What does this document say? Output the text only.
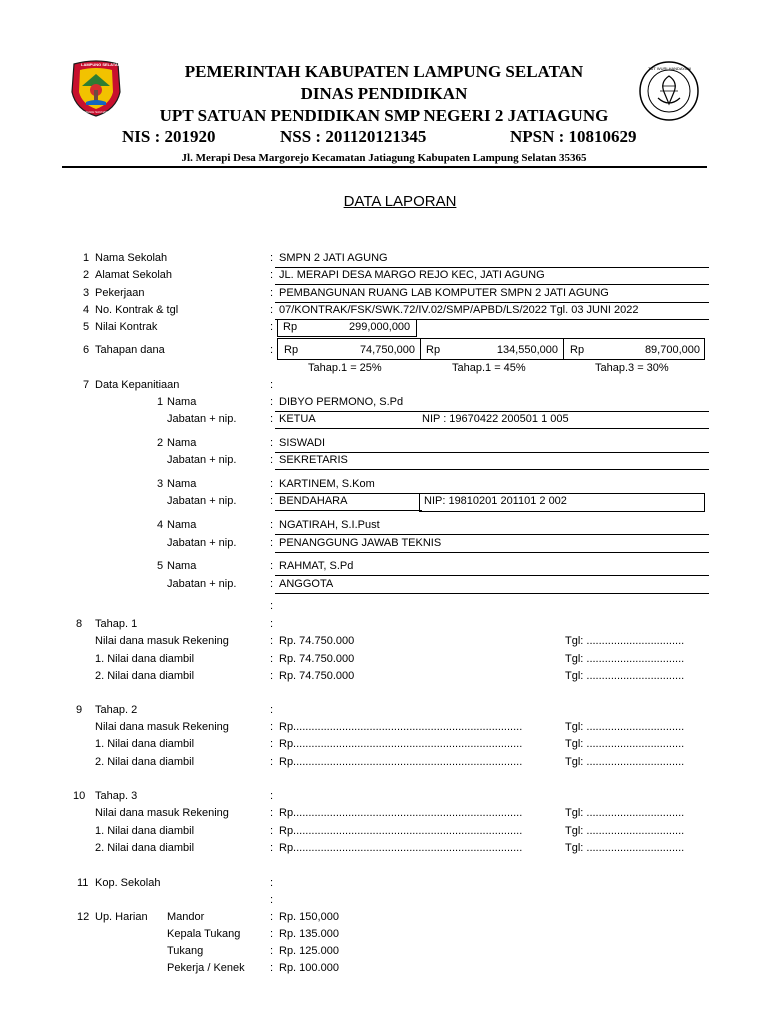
LAMPUNG SELATAN
MANGGIH SAUNAYAH
TUT WURI HANDAYANI
PEMERINTAH KABUPATEN LAMPUNG SELATAN
DINAS PENDIDIKAN
UPT SATUAN PENDIDIKAN SMP NEGERI 2 JATIAGUNG
NIS : 201920	NSS : 201120121345	NPSN : 10810629
Jl. Merapi Desa Margorejo Kecamatan Jatiagung Kabupaten Lampung Selatan 35365
DATA LAPORAN
1 Nama Sekolah	: SMPN 2 JATI AGUNG
2 Alamat Sekolah	: JL. MERAPI DESA MARGO REJO KEC, JATI AGUNG
3 Pekerjaan	: PEMBANGUNAN RUANG LAB KOMPUTER SMPN 2 JATI AGUNG
4 No. Kontrak & tgl	: 07/KONTRAK/FSK/SWK.72/IV.02/SMP/APBD/LS/2022 Tgl. 03 JUNI 2022
5 Nilai Kontrak	: Rp	299,000,000
6 Tahapan dana	: Rp	74,750,000 Rp	134,550,000 Rp	89,700,000
Tahap.1 = 25%	Tahap.1 = 45%	Tahap.3 = 30%
7 Data Kepanitiaan	:
1 Nama	: DIBYO PERMONO, S.Pd
Jabatan + nip.	: KETUA	NIP : 19670422 200501 1 005
2 Nama	: SISWADI
Jabatan + nip.	: SEKRETARIS
3 Nama	: KARTINEM, S.Kom
Jabatan + nip.	: BENDAHARA	NIP: 19810201 201101 2 002
4 Nama	: NGATIRAH, S.I.Pust
Jabatan + nip.	: PENANGGUNG JAWAB TEKNIS
5 Nama	: RAHMAT, S.Pd
Jabatan + nip.	: ANGGOTA
:
8 Tahap. 1	:
Nilai dana masuk Rekening	: Rp. 74.750.000	Tgl: ................................
1. Nilai dana diambil	: Rp. 74.750.000	Tgl: ................................
2. Nilai dana diambil	: Rp. 74.750.000	Tgl: ................................
9 Tahap. 2	:
Nilai dana masuk Rekening	: Rp...........................................................................	Tgl: ................................
1. Nilai dana diambil	: Rp...........................................................................	Tgl: ................................
2. Nilai dana diambil	: Rp...........................................................................	Tgl: ................................
10 Tahap. 3	:
Nilai dana masuk Rekening	: Rp...........................................................................	Tgl: ................................
1. Nilai dana diambil	: Rp...........................................................................	Tgl: ................................
2. Nilai dana diambil	: Rp...........................................................................	Tgl: ................................
11 Kop. Sekolah	:
:
12 Up. Harian Mandor	: Rp. 150,000
Kepala Tukang	: Rp. 135.000
Tukang	: Rp. 125.000
Pekerja / Kenek : Rp. 100.000
